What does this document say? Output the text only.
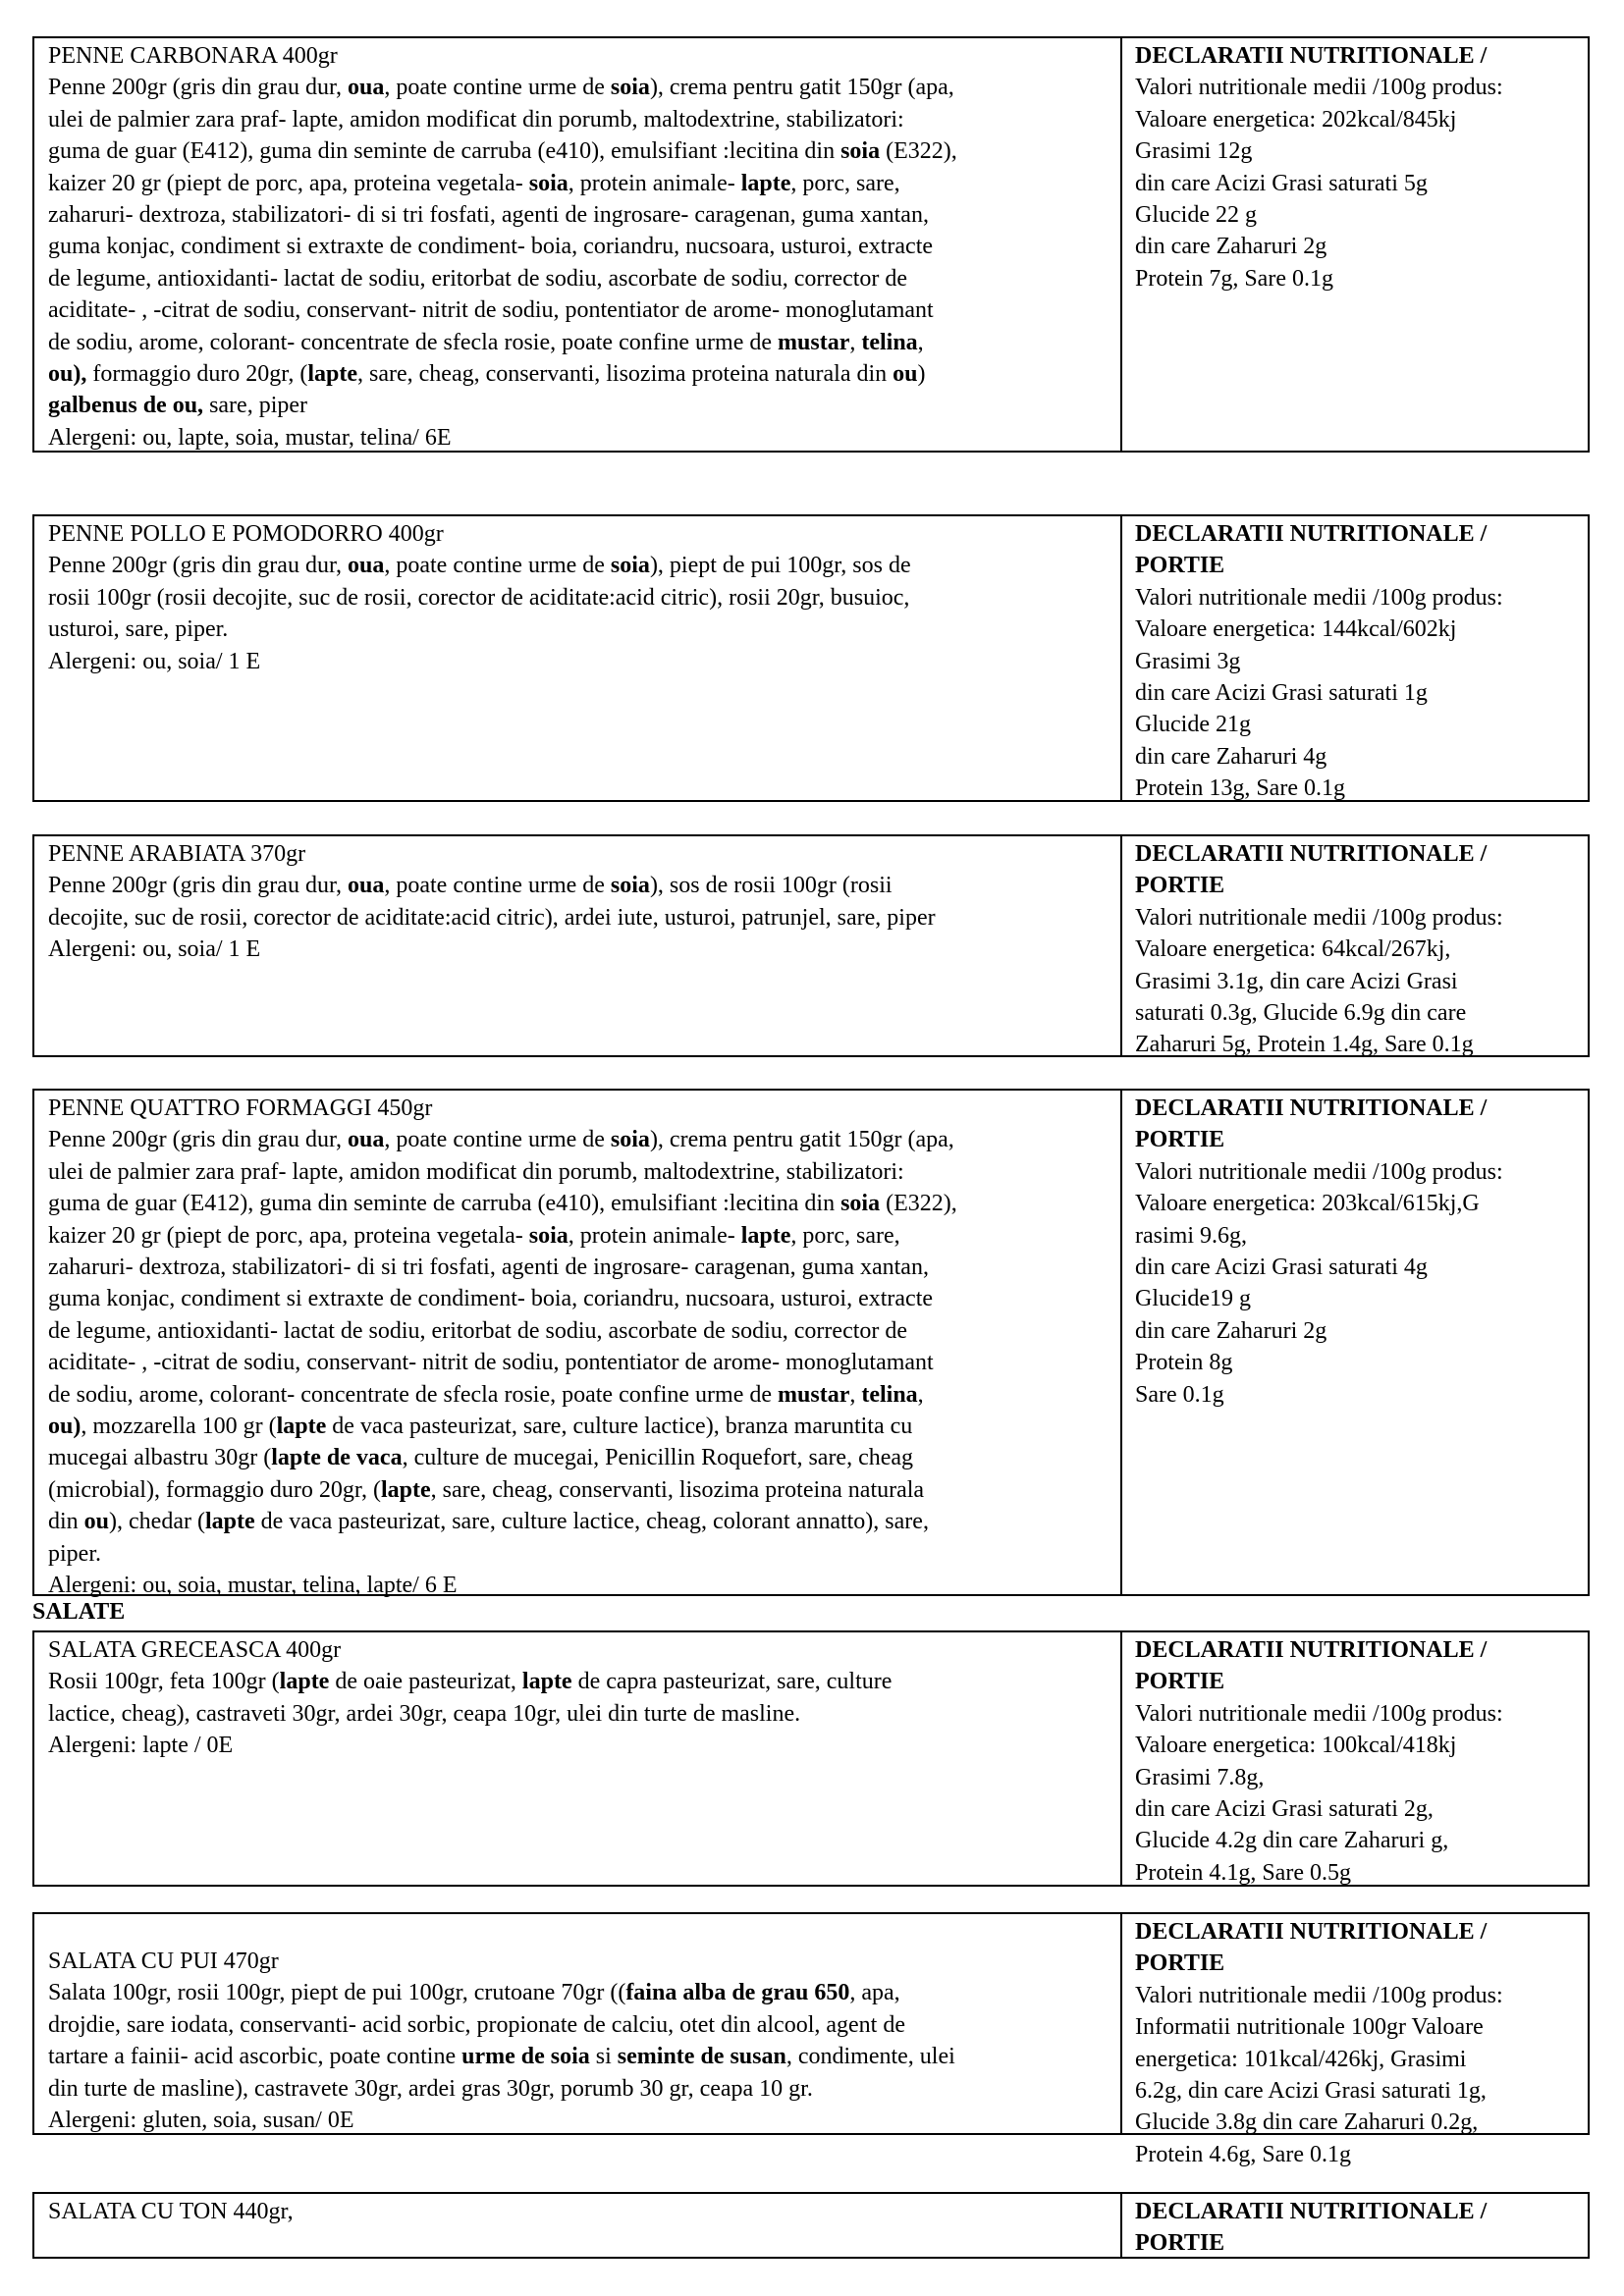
SALATE
PENNE CARBONARA 400gr
Penne 200gr (gris din grau dur, oua, poate contine urme de soia), crema pentru gatit 150gr (apa,
ulei de palmier zara praf- lapte, amidon modificat din porumb, maltodextrine, stabilizatori:
guma de guar (E412), guma din seminte de carruba (e410), emulsifiant :lecitina din soia (E322),
kaizer 20 gr (piept de porc, apa, proteina vegetala- soia, protein animale- lapte, porc, sare,
zaharuri- dextroza, stabilizatori- di si tri fosfati, agenti de ingrosare- caragenan, guma xantan,
guma konjac, condiment si extraxte de condiment- boia, coriandru, nucsoara, usturoi, extracte
de legume, antioxidanti- lactat de sodiu, eritorbat de sodiu, ascorbate de sodiu, corrector de
aciditate- , -citrat de sodiu, conservant- nitrit de sodiu, pontentiator de arome- monoglutamant
de sodiu, arome, colorant- concentrate de sfecla rosie, poate confine urme de mustar, telina,
ou), formaggio duro 20gr, (lapte, sare, cheag, conservanti, lisozima proteina naturala din ou)
galbenus de ou, sare, piper
Alergeni: ou, lapte, soia, mustar, telina/ 6E
DECLARATII NUTRITIONALE /
Valori nutritionale medii /100g produs:
Valoare energetica: 202kcal/845kj
Grasimi 12g
din care Acizi Grasi saturati 5g
Glucide 22 g
din care Zaharuri 2g
Protein 7g, Sare 0.1g
PENNE POLLO E POMODORRO 400gr
Penne 200gr (gris din grau dur, oua, poate contine urme de soia), piept de pui 100gr, sos de
rosii 100gr (rosii decojite, suc de rosii, corector de aciditate:acid citric), rosii 20gr, busuioc,
usturoi, sare, piper.
Alergeni: ou, soia/ 1 E
DECLARATII NUTRITIONALE /
PORTIE
Valori nutritionale medii /100g produs:
Valoare energetica: 144kcal/602kj
Grasimi 3g
din care Acizi Grasi saturati 1g
Glucide 21g
din care Zaharuri 4g
Protein 13g, Sare 0.1g
PENNE ARABIATA 370gr
Penne 200gr (gris din grau dur, oua, poate contine urme de soia), sos de rosii 100gr (rosii
decojite, suc de rosii, corector de aciditate:acid citric), ardei iute, usturoi, patrunjel, sare, piper
Alergeni: ou, soia/ 1 E
DECLARATII NUTRITIONALE /
PORTIE
Valori nutritionale medii /100g produs:
Valoare energetica: 64kcal/267kj,
Grasimi 3.1g, din care Acizi Grasi
saturati 0.3g, Glucide 6.9g din care
Zaharuri 5g, Protein 1.4g, Sare 0.1g
PENNE QUATTRO FORMAGGI 450gr
Penne 200gr (gris din grau dur, oua, poate contine urme de soia), crema pentru gatit 150gr (apa,
ulei de palmier zara praf- lapte, amidon modificat din porumb, maltodextrine, stabilizatori:
guma de guar (E412), guma din seminte de carruba (e410), emulsifiant :lecitina din soia (E322),
kaizer 20 gr (piept de porc, apa, proteina vegetala- soia, protein animale- lapte, porc, sare,
zaharuri- dextroza, stabilizatori- di si tri fosfati, agenti de ingrosare- caragenan, guma xantan,
guma konjac, condiment si extraxte de condiment- boia, coriandru, nucsoara, usturoi, extracte
de legume, antioxidanti- lactat de sodiu, eritorbat de sodiu, ascorbate de sodiu, corrector de
aciditate- , -citrat de sodiu, conservant- nitrit de sodiu, pontentiator de arome- monoglutamant
de sodiu, arome, colorant- concentrate de sfecla rosie, poate confine urme de mustar, telina,
ou), mozzarella 100 gr (lapte de vaca pasteurizat, sare, culture lactice), branza maruntita cu
mucegai albastru 30gr (lapte de vaca, culture de mucegai, Penicillin Roquefort, sare, cheag
(microbial), formaggio duro 20gr, (lapte, sare, cheag, conservanti, lisozima proteina naturala
din ou), chedar (lapte de vaca pasteurizat, sare, culture lactice, cheag, colorant annatto), sare,
piper.
Alergeni: ou, soia, mustar, telina, lapte/ 6 E
DECLARATII NUTRITIONALE /
PORTIE
Valori nutritionale medii /100g produs:
Valoare energetica: 203kcal/615kj,G
rasimi 9.6g,
din care Acizi Grasi saturati 4g
Glucide19 g
din care Zaharuri 2g
Protein 8g
Sare 0.1g
SALATA GRECEASCA 400gr
Rosii 100gr, feta 100gr (lapte de oaie pasteurizat, lapte de capra pasteurizat, sare, culture
lactice, cheag), castraveti 30gr, ardei 30gr, ceapa 10gr, ulei din turte de masline.
Alergeni: lapte / 0E
DECLARATII NUTRITIONALE /
PORTIE
Valori nutritionale medii /100g produs:
Valoare energetica: 100kcal/418kj
Grasimi 7.8g,
din care Acizi Grasi saturati 2g,
Glucide 4.2g din care Zaharuri g,
Protein 4.1g, Sare 0.5g
SALATA CU PUI 470gr
Salata 100gr, rosii 100gr, piept de pui 100gr, crutoane 70gr ((faina alba de grau 650, apa,
drojdie, sare iodata, conservanti- acid sorbic, propionate de calciu, otet din alcool, agent de
tartare a fainii- acid ascorbic, poate contine urme de soia si seminte de susan, condimente, ulei
din turte de masline), castravete 30gr, ardei gras 30gr, porumb 30 gr, ceapa 10 gr.
Alergeni: gluten, soia, susan/ 0E
DECLARATII NUTRITIONALE /
PORTIE
Valori nutritionale medii /100g produs:
Informatii nutritionale 100gr Valoare
energetica: 101kcal/426kj, Grasimi
6.2g, din care Acizi Grasi saturati 1g,
Glucide 3.8g din care Zaharuri 0.2g,
Protein 4.6g, Sare 0.1g
SALATA CU TON 440gr,	DECLARATII NUTRITIONALE /
PORTIE
